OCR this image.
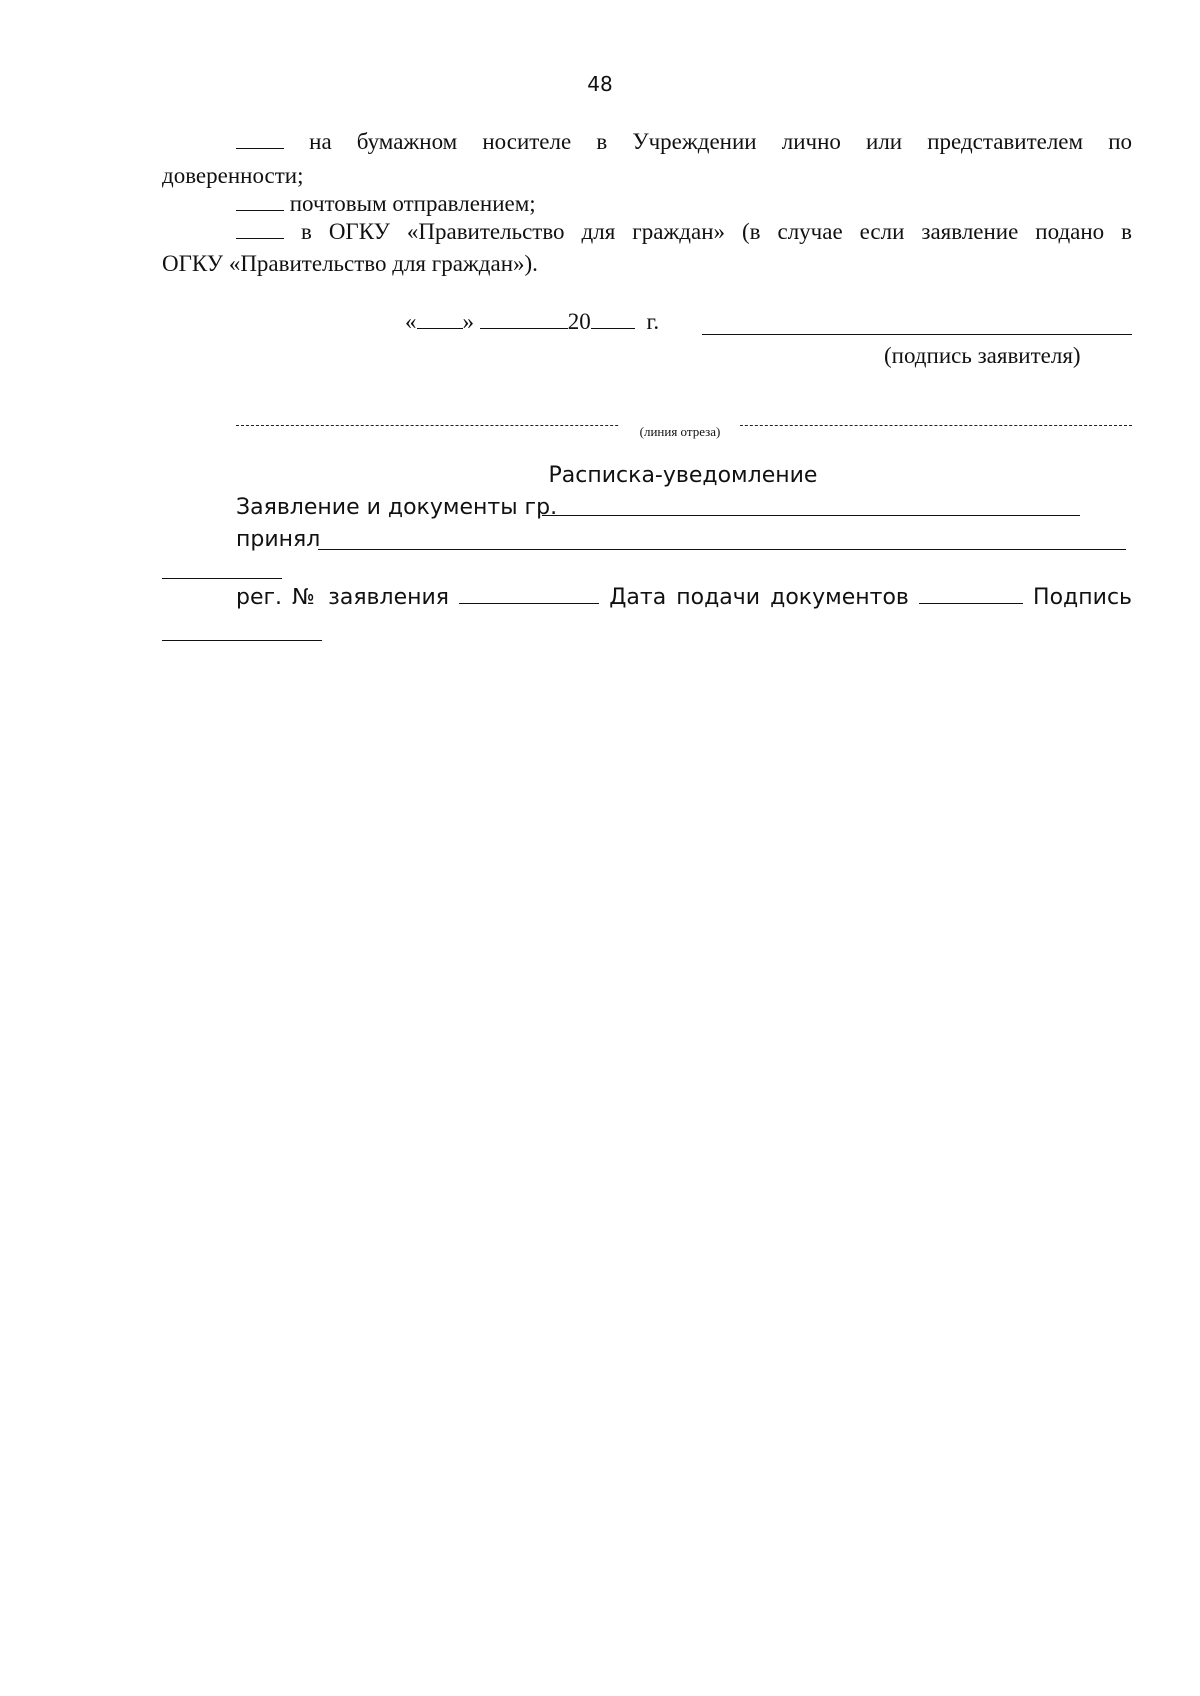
48
на бумажном носителе в Учреждении лично или представителем по
доверенности;
почтовым отправлением;
в ОГКУ «Правительство для граждан» (в случае если заявление подано в
ОГКУ «Правительство для граждан»).
« »	20 г.
(подпись заявителя)
(линия отреза)
Расписка-уведомление
Заявление и документы гр.
принял
рег. № заявления	Дата подачи документов	Подпись
